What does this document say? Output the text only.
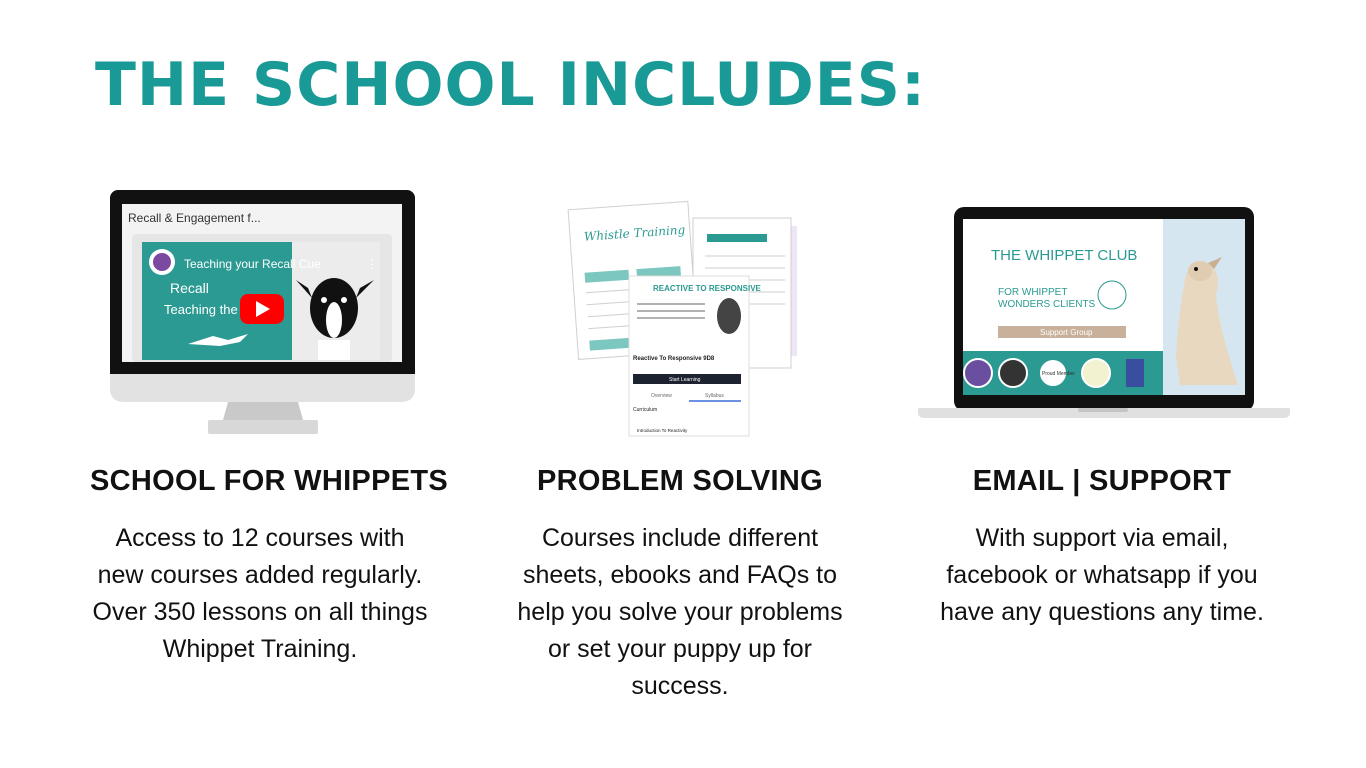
THE SCHOOL INCLUDES:
Recall & Engagement f...
Teaching your Recall Cue
Recall
Teaching the
⋮
Whistle Training
REACTIVE TO RESPONSIVE
Reactive To Responsive 9D8
Start Learning
Overview	Syllabus
Curriculum
Introduction To Reactivity
THE WHIPPET CLUB
FOR WHIPPET
WONDERS CLIENTS
Support Group
Proud Member
SCHOOL FOR WHIPPETS

Access to 12 courses with new courses added regularly. Over 350 lessons on all things Whippet Training.

PROBLEM SOLVING

Courses include different sheets, ebooks and FAQs to help you solve your problems or set your puppy up for success.

EMAIL | SUPPORT

With support via email, facebook or whatsapp if you have any questions any time.
